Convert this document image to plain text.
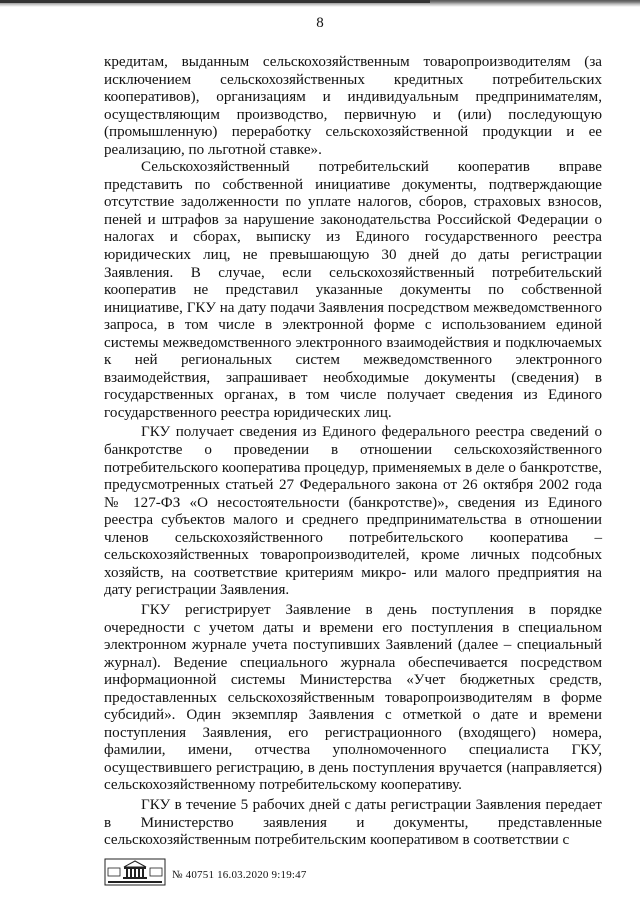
8

кредитам, выданным сельскохозяйственным товаропроизводителям (за исключением сельскохозяйственных кредитных потребительских кооперативов), организациям и индивидуальным предпринимателям, осуществляющим производство, первичную и (или) последующую (промышленную) переработку сельскохозяйственной продукции и ее реализацию, по льготной ставке».

Сельскохозяйственный потребительский кооператив вправе представить по собственной инициативе документы, подтверждающие отсутствие задолженности по уплате налогов, сборов, страховых взносов, пеней и штрафов за нарушение законодательства Российской Федерации о налогах и сборах, выписку из Единого государственного реестра юридических лиц, не превышающую 30 дней до даты регистрации Заявления. В случае, если сельскохозяйственный потребительский кооператив не представил указанные документы по собственной инициативе, ГКУ на дату подачи Заявления посредством межведомственного запроса, в том числе в электронной форме с использованием единой системы межведомственного электронного взаимодействия и подключаемых к ней региональных систем межведомственного электронного взаимодействия, запрашивает необходимые документы (сведения) в государственных органах, в том числе получает сведения из Единого государственного реестра юридических лиц.

ГКУ получает сведения из Единого федерального реестра сведений о банкротстве о проведении в отношении сельскохозяйственного потребительского кооператива процедур, применяемых в деле о банкротстве, предусмотренных статьей 27 Федерального закона от 26 октября 2002 года № 127-ФЗ «О несостоятельности (банкротстве)», сведения из Единого реестра субъектов малого и среднего предпринимательства в отношении членов сельскохозяйственного потребительского кооператива – сельскохозяйственных товаропроизводителей, кроме личных подсобных хозяйств, на соответствие критериям микро- или малого предприятия на дату регистрации Заявления.

ГКУ регистрирует Заявление в день поступления в порядке очередности с учетом даты и времени его поступления в специальном электронном журнале учета поступивших Заявлений (далее – специальный журнал). Ведение специального журнала обеспечивается посредством информационной системы Министерства «Учет бюджетных средств, предоставленных сельскохозяйственным товаропроизводителям в форме субсидий». Один экземпляр Заявления с отметкой о дате и времени поступления Заявления, его регистрационного (входящего) номера, фамилии, имени, отчества уполномоченного специалиста ГКУ, осуществившего регистрацию, в день поступления вручается (направляется) сельскохозяйственному потребительскому кооперативу.

ГКУ в течение 5 рабочих дней с даты регистрации Заявления передает в Министерство заявления и документы, представленные сельскохозяйственным потребительским кооперативом в соответствии с

№ 40751 16.03.2020 9:19:47
